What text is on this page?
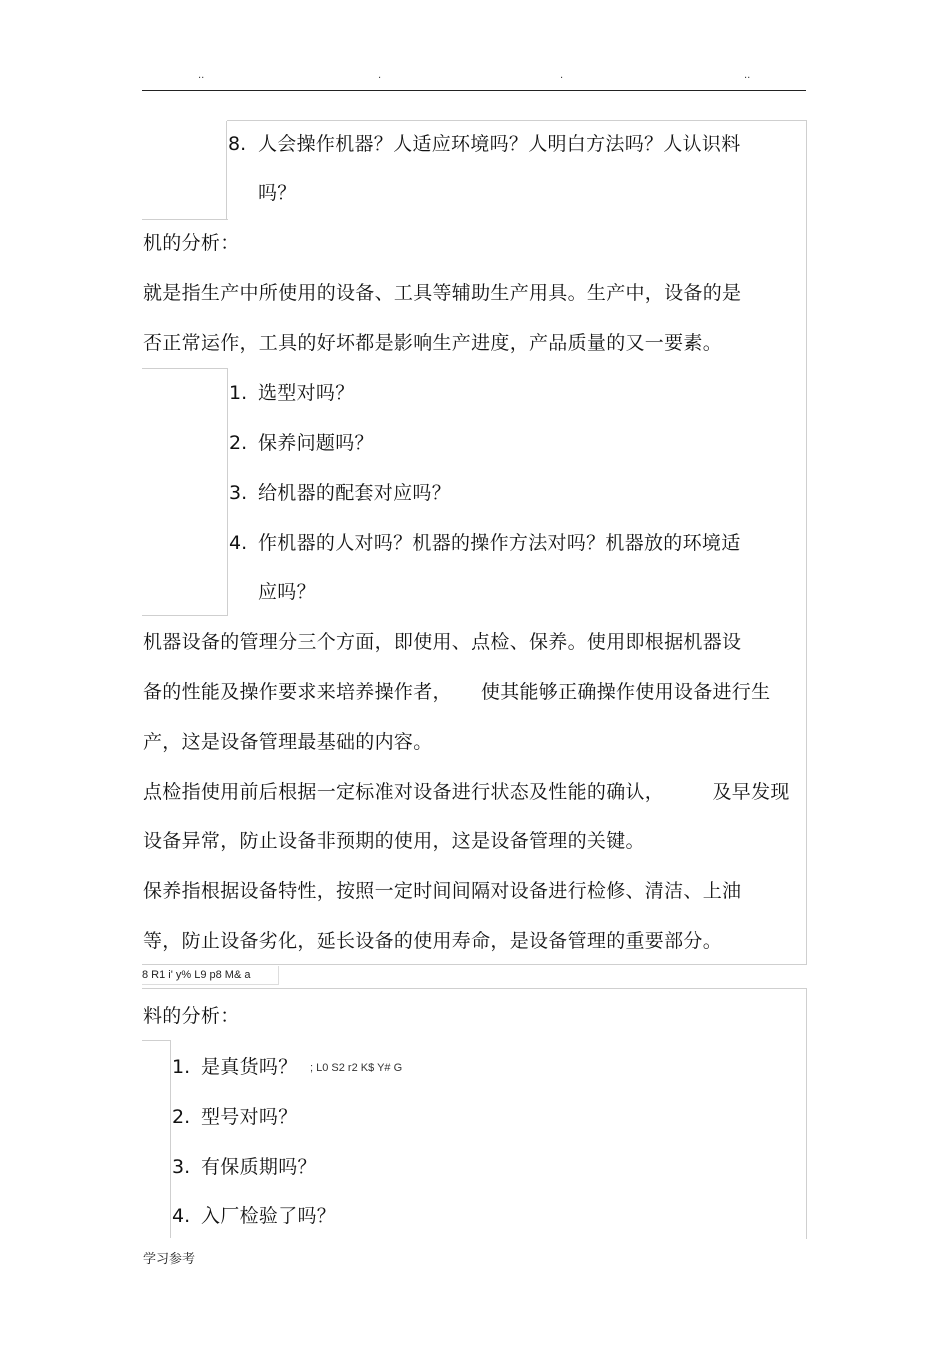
..	.	.	..
8. 人会操作机器？人适应环境吗？人明白方法吗？人认识料
吗？
机的分析：
就是指生产中所使用的设备、工具等辅助生产用具。生产中，设备的是
否正常运作，工具的好坏都是影响生产进度，产品质量的又一要素。
1. 选型对吗？
2. 保养问题吗？
3. 给机器的配套对应吗？
4. 作机器的人对吗？机器的操作方法对吗？机器放的环境适
应吗？
机器设备的管理分三个方面，即使用、点检、保养。使用即根据机器设
备的性能及操作要求来培养操作者，　　使其能够正确操作使用设备进行生
产，这是设备管理最基础的内容。
点检指使用前后根据一定标准对设备进行状态及性能的确认，　　　及早发现
设备异常，防止设备非预期的使用，这是设备管理的关键。
保养指根据设备特性，按照一定时间间隔对设备进行检修、清洁、上油
等，防止设备劣化，延长设备的使用寿命，是设备管理的重要部分。
8 R1 i' y% L9 p8 M& a
料的分析：
1. 是真货吗？ ; L0 S2 r2 K$ Y# G
2. 型号对吗？
3. 有保质期吗？
4. 入厂检验了吗？
学习参考
